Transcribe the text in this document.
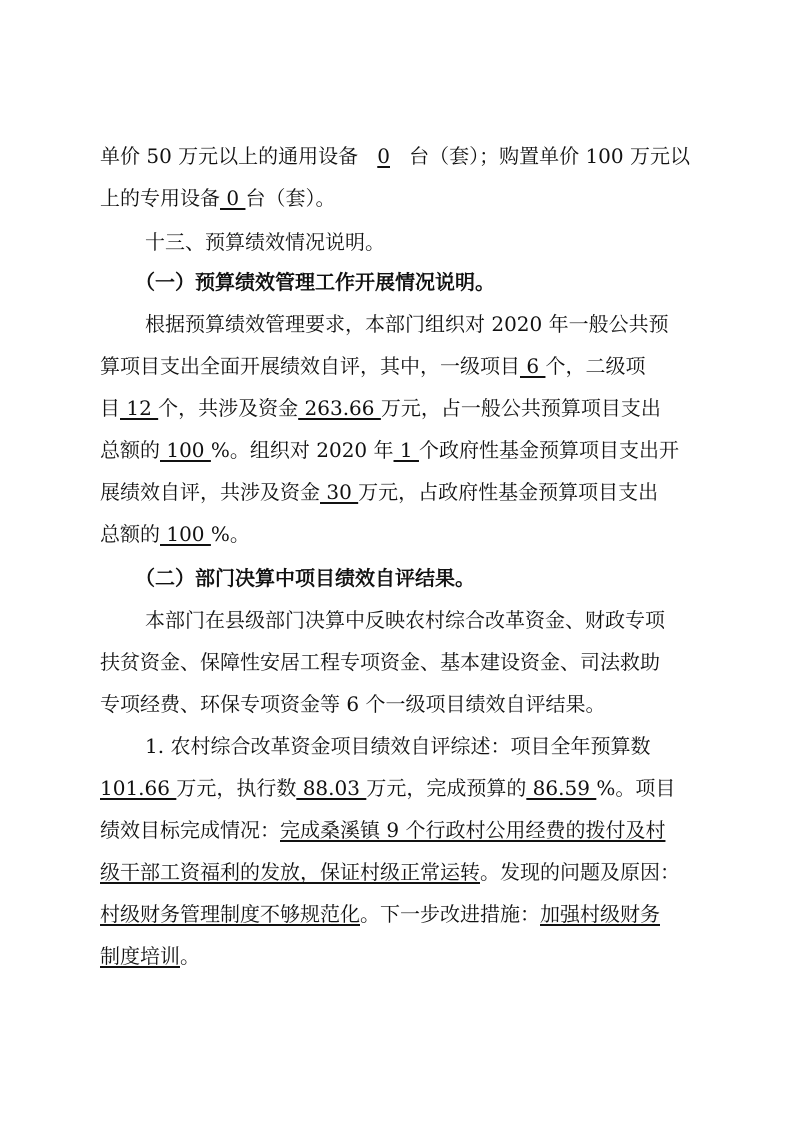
单价 50 万元以上的通用设备 0 台（套）；购置单价 100 万元以
上的专用设备 0 台（套）。
十三、预算绩效情况说明。
（一）预算绩效管理工作开展情况说明。
根据预算绩效管理要求，本部门组织对 2020 年一般公共预
算项目支出全面开展绩效自评，其中，一级项目 6 个，二级项
目 12 个，共涉及资金 263.66 万元，占一般公共预算项目支出
总额的 100 %。组织对 2020 年 1 个政府性基金预算项目支出开
展绩效自评，共涉及资金 30 万元，占政府性基金预算项目支出
总额的 100 %。
（二）部门决算中项目绩效自评结果。
本部门在县级部门决算中反映农村综合改革资金、财政专项
扶贫资金、保障性安居工程专项资金、基本建设资金、司法救助
专项经费、环保专项资金等 6 个一级项目绩效自评结果。
1. 农村综合改革资金项目绩效自评综述：项目全年预算数
101.66 万元，执行数 88.03 万元，完成预算的 86.59 %。项目
绩效目标完成情况：完成桑溪镇 9 个行政村公用经费的拨付及村
级干部工资福利的发放，保证村级正常运转。发现的问题及原因：
村级财务管理制度不够规范化。下一步改进措施：加强村级财务
制度培训。
